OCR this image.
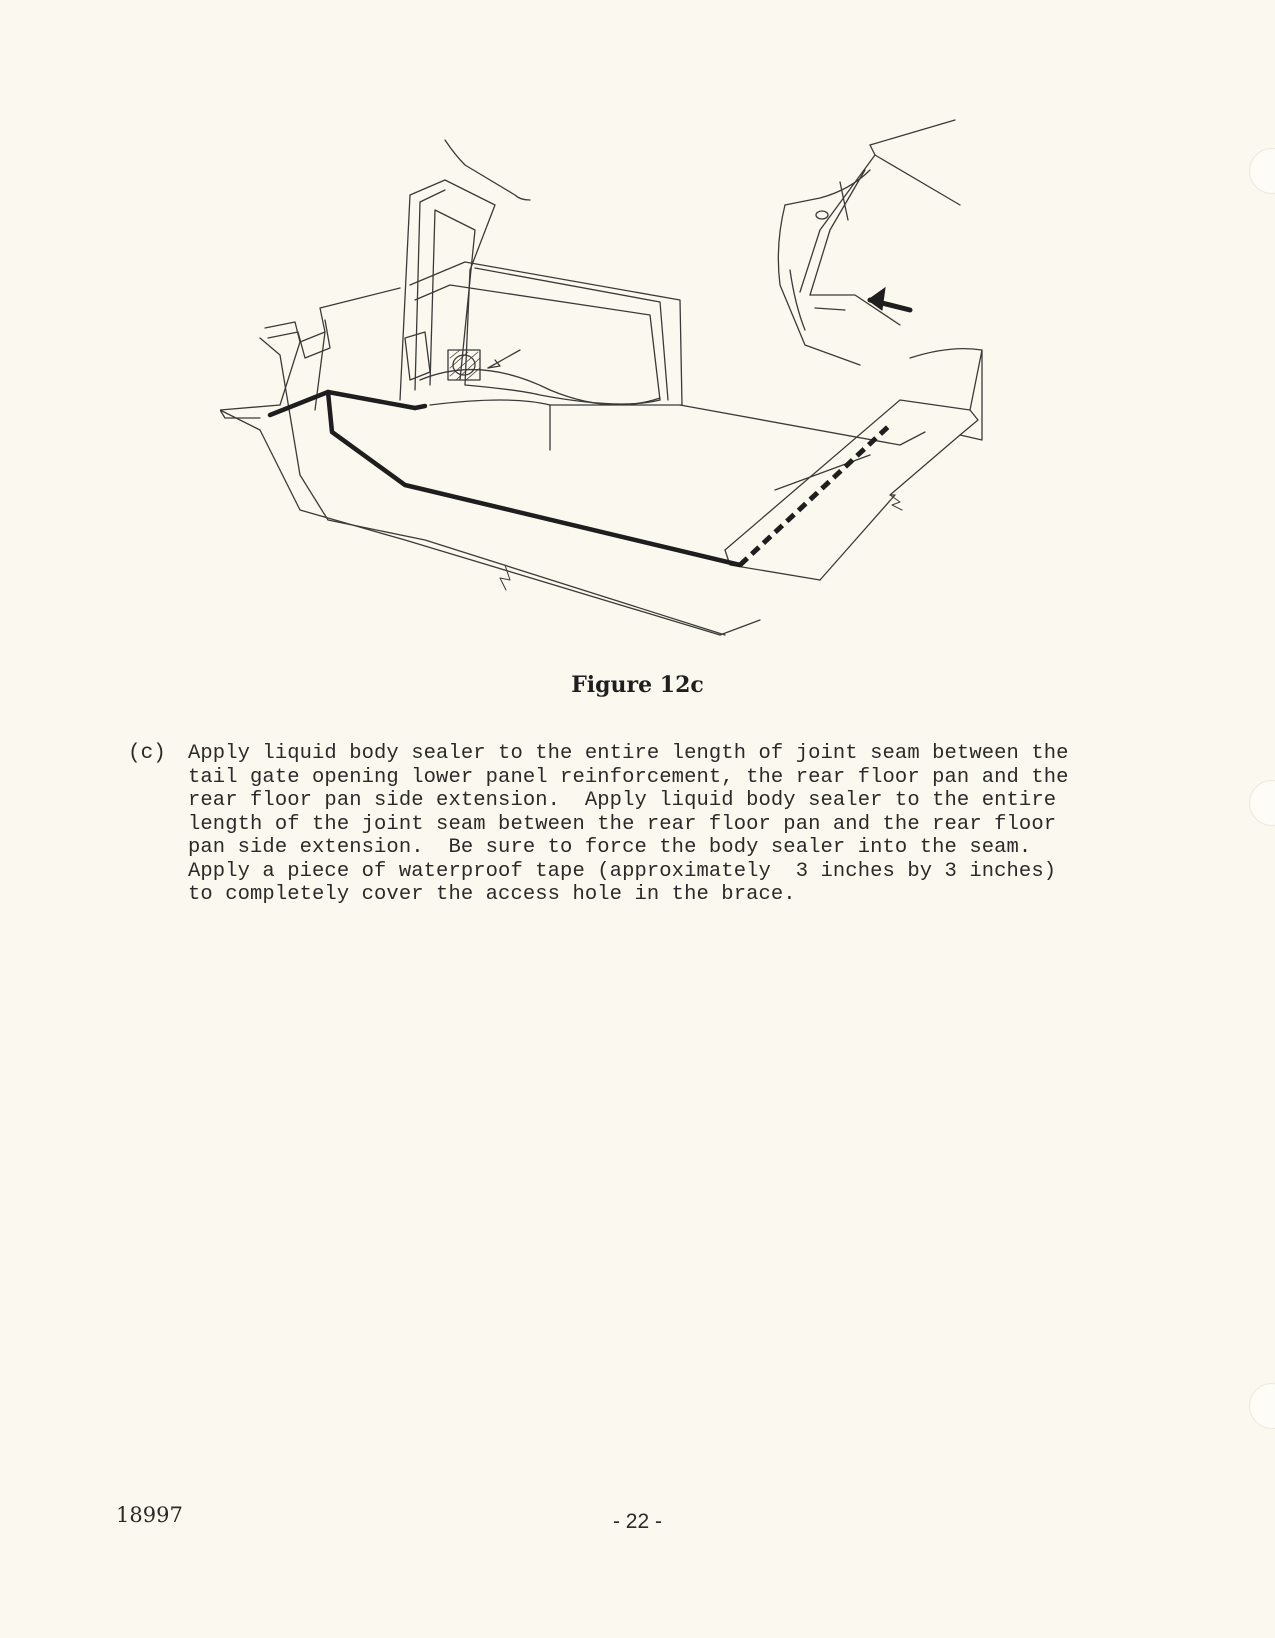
Figure 12c
(c) Apply liquid body sealer to the entire length of joint seam between the
tail gate opening lower panel reinforcement, the rear floor pan and the
rear floor pan side extension.  Apply liquid body sealer to the entire
length of the joint seam between the rear floor pan and the rear floor
pan side extension.  Be sure to force the body sealer into the seam.
Apply a piece of waterproof tape (approximately  3 inches by 3 inches)
to completely cover the access hole in the brace.
18997	- 22 -
